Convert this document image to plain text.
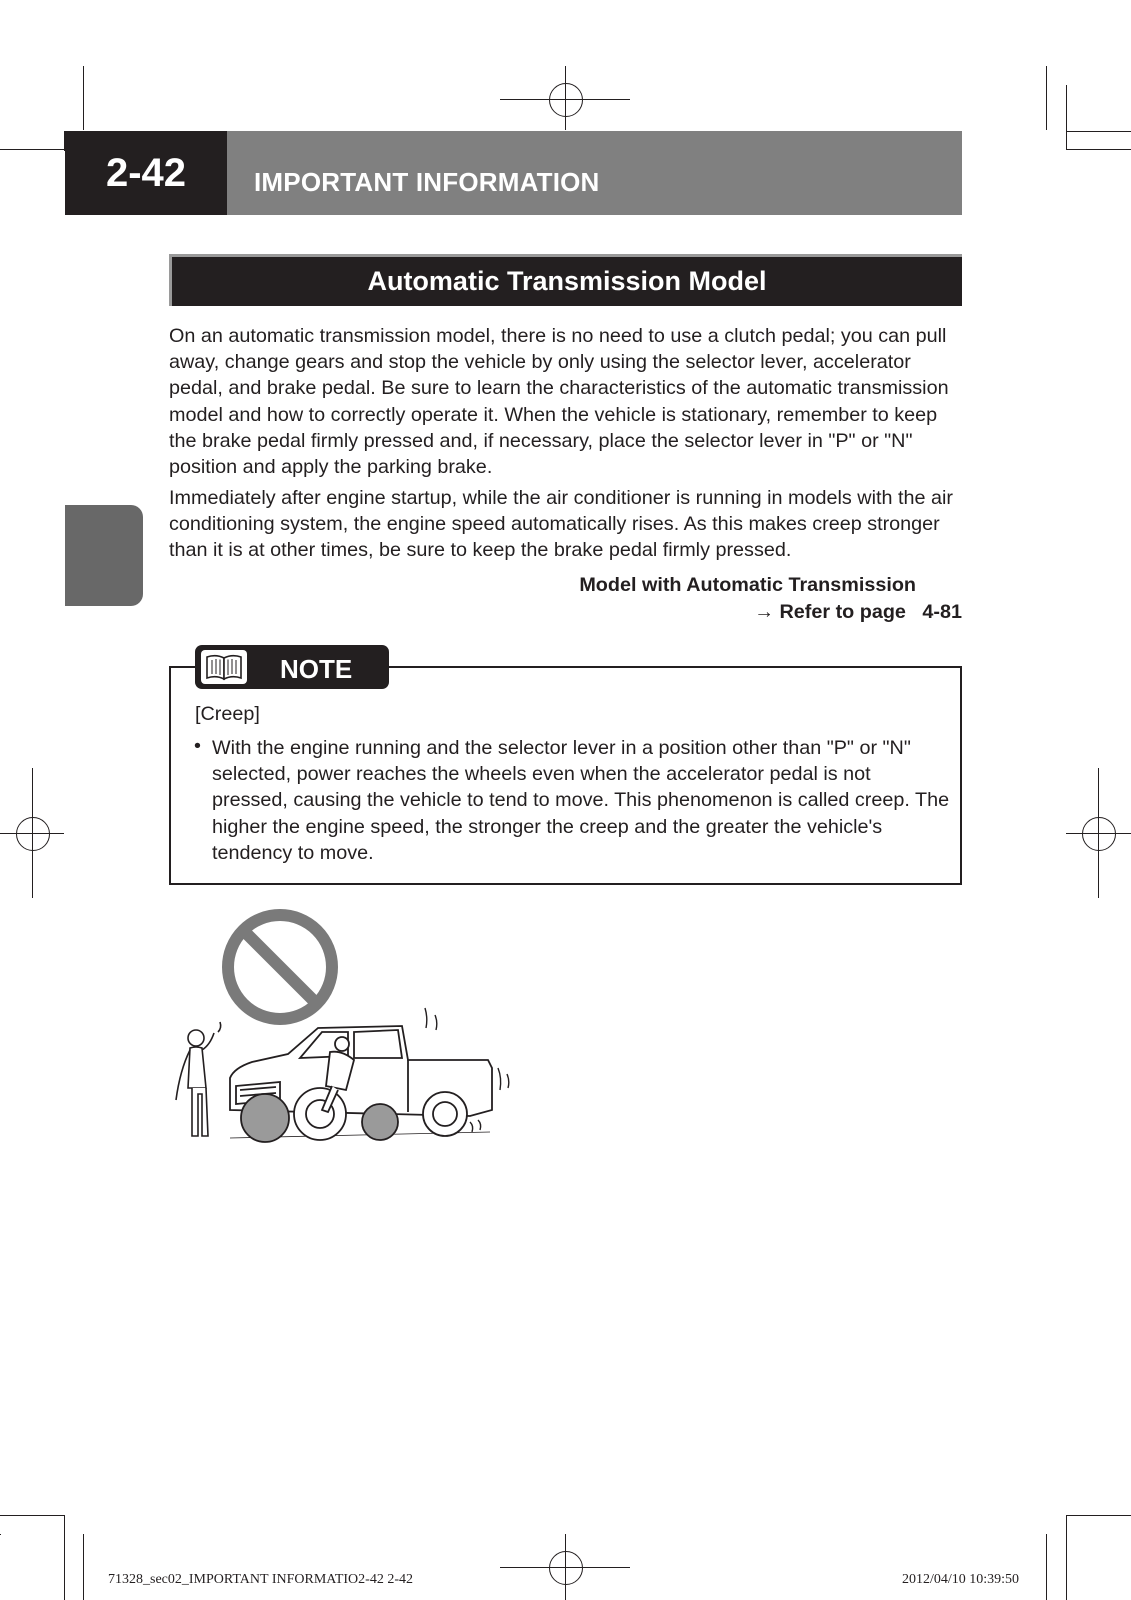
2-42	IMPORTANT INFORMATION
Automatic Transmission Model

On an automatic transmission model, there is no need to use a clutch pedal; you can pull away, change gears and stop the vehicle by only using the selector lever, accelerator pedal, and brake pedal. Be sure to learn the characteristics of the automatic transmission model and how to correctly operate it. When the vehicle is stationary, remember to keep the brake pedal firmly pressed and, if necessary, place the selector lever in "P" or "N" position and apply the parking brake.

Immediately after engine startup, while the air conditioner is running in models with the air conditioning system, the engine speed automatically rises. As this makes creep stronger than it is at other times, be sure to keep the brake pedal firmly pressed.

Model with Automatic Transmission
→ Refer to page 4-81
NOTE
[Creep]
• With the engine running and the selector lever in a position other than "P" or "N" selected, power reaches the wheels even when the accelerator pedal is not pressed, causing the vehicle to tend to move. This phenomenon is called creep. The higher the engine speed, the stronger the creep and the greater the vehicle's tendency to move.

71328_sec02_IMPORTANT INFORMATIO2-42 2-42	2012/04/10 10:39:50
